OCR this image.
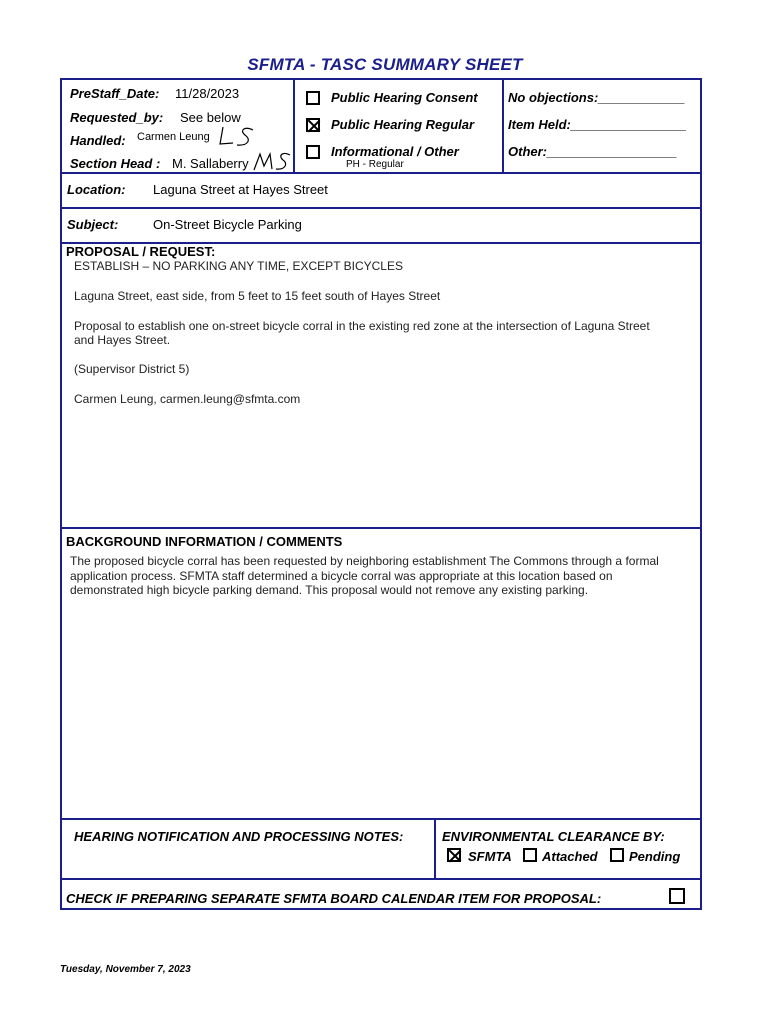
SFMTA - TASC SUMMARY SHEET
PreStaff_Date: 11/28/2023
Requested_by: See below
Handled: Carmen Leung
Section Head : M. Sallaberry
Public Hearing Consent
Public Hearing Regular
Informational / Other
PH - Regular
No objections:____________
Item Held:________________
Other:__________________
Location: Laguna Street at Hayes Street
Subject:	On-Street Bicycle Parking
PROPOSAL / REQUEST:
ESTABLISH – NO PARKING ANY TIME, EXCEPT BICYCLES
Laguna Street, east side, from 5 feet to 15 feet south of Hayes Street
Proposal to establish one on-street bicycle corral in the existing red zone at the intersection of Laguna Street
and Hayes Street.
(Supervisor District 5)
Carmen Leung, carmen.leung@sfmta.com
BACKGROUND INFORMATION / COMMENTS
The proposed bicycle corral has been requested by neighboring establishment The Commons through a formal
application process. SFMTA staff determined a bicycle corral was appropriate at this location based on
demonstrated high bicycle parking demand. This proposal would not remove any existing parking.
HEARING NOTIFICATION AND PROCESSING NOTES:	ENVIRONMENTAL CLEARANCE BY:
SFMTA Attached Pending
CHECK IF PREPARING SEPARATE SFMTA BOARD CALENDAR ITEM FOR PROPOSAL:
Tuesday, November 7, 2023
